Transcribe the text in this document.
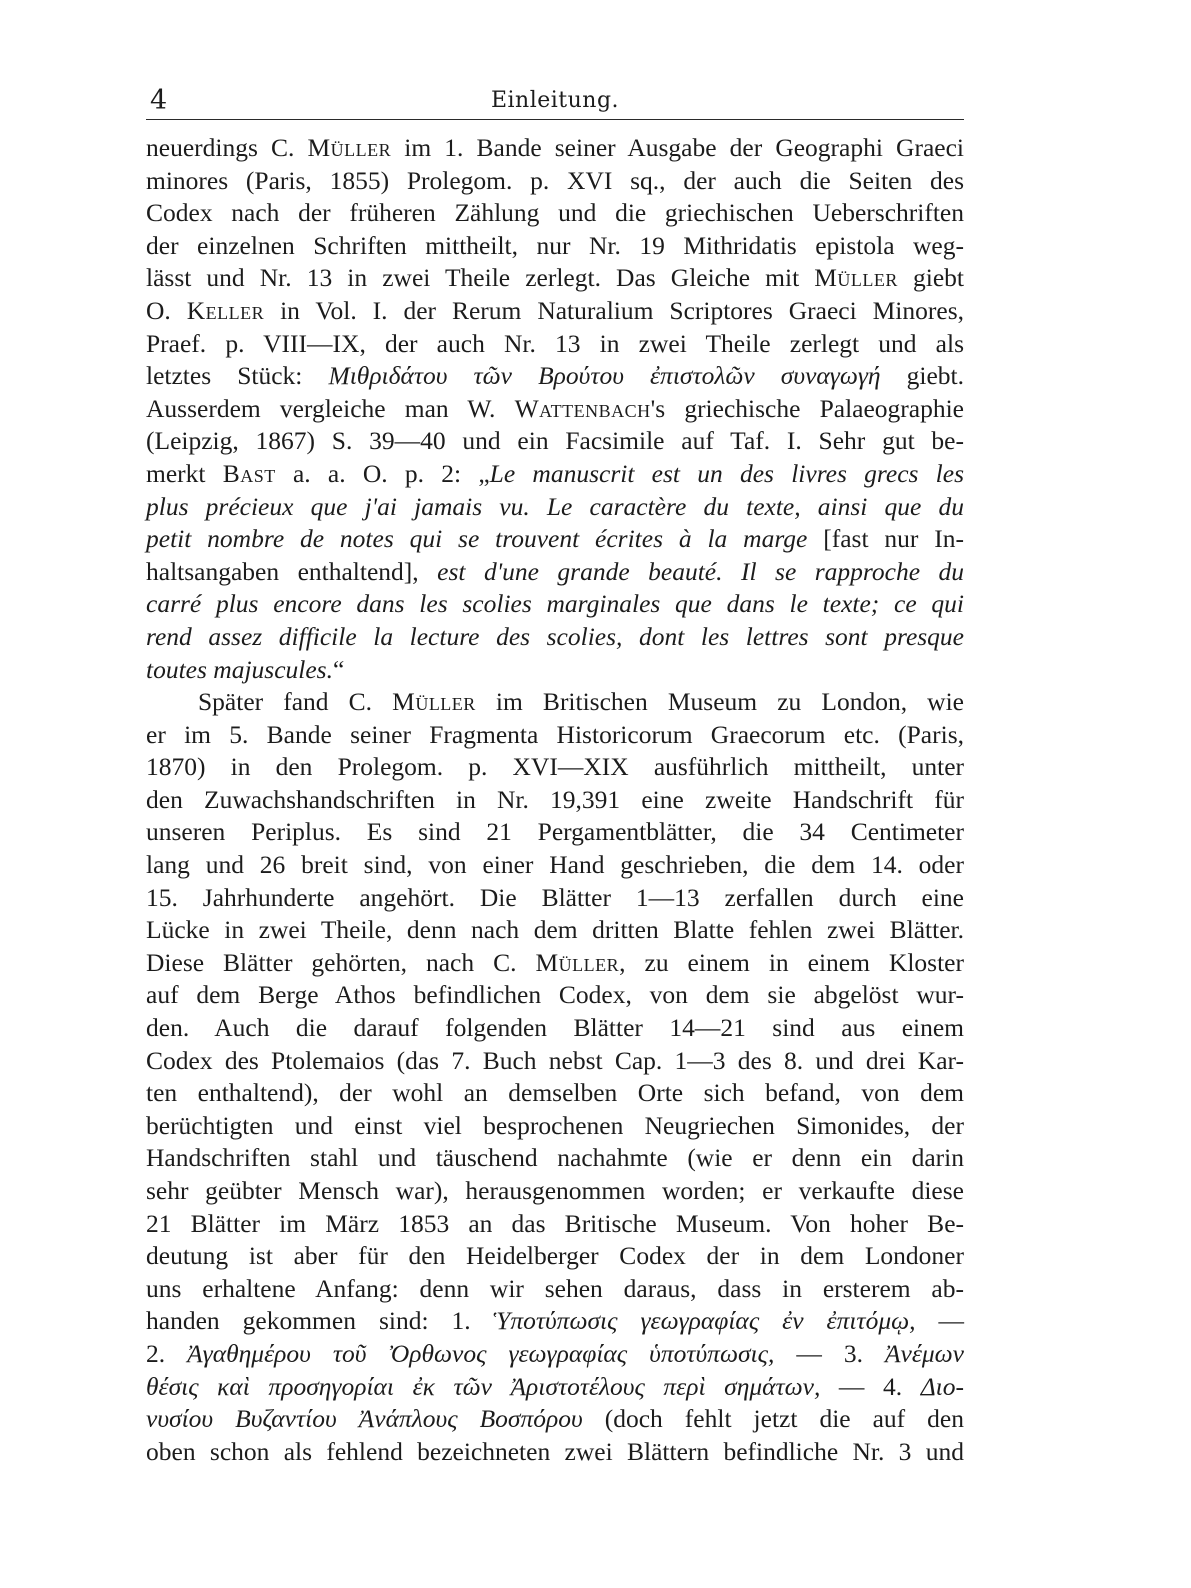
4	Einleitung.
neuerdings C. Müller im 1. Bande seiner Ausgabe der Geographi Graeci
minores (Paris, 1855) Prolegom. p. XVI sq., der auch die Seiten des
Codex nach der früheren Zählung und die griechischen Ueberschriften
der einzelnen Schriften mittheilt, nur Nr. 19 Mithridatis epistola weg-
lässt und Nr. 13 in zwei Theile zerlegt. Das Gleiche mit Müller giebt
O. Keller in Vol. I. der Rerum Naturalium Scriptores Graeci Minores,
Praef. p. VIII—IX, der auch Nr. 13 in zwei Theile zerlegt und als
letztes Stück: Μιθριδάτου τῶν Βρούτου ἐπιστολῶν συναγωγή giebt.
Ausserdem vergleiche man W. Wattenbach's griechische Palaeographie
(Leipzig, 1867) S. 39—40 und ein Facsimile auf Taf. I. Sehr gut be-
merkt Bast a. a. O. p. 2: „Le manuscrit est un des livres grecs les
plus précieux que j'ai jamais vu. Le caractère du texte, ainsi que du
petit nombre de notes qui se trouvent écrites à la marge [fast nur In-
haltsangaben enthaltend], est d'une grande beauté. Il se rapproche du
carré plus encore dans les scolies marginales que dans le texte; ce qui
rend assez difficile la lecture des scolies, dont les lettres sont presque
toutes majuscules.“
Später fand C. Müller im Britischen Museum zu London, wie
er im 5. Bande seiner Fragmenta Historicorum Graecorum etc. (Paris,
1870) in den Prolegom. p. XVI—XIX ausführlich mittheilt, unter
den Zuwachshandschriften in Nr. 19,391 eine zweite Handschrift für
unseren Periplus. Es sind 21 Pergamentblätter, die 34 Centimeter
lang und 26 breit sind, von einer Hand geschrieben, die dem 14. oder
15. Jahrhunderte angehört. Die Blätter 1—13 zerfallen durch eine
Lücke in zwei Theile, denn nach dem dritten Blatte fehlen zwei Blätter.
Diese Blätter gehörten, nach C. Müller, zu einem in einem Kloster
auf dem Berge Athos befindlichen Codex, von dem sie abgelöst wur-
den. Auch die darauf folgenden Blätter 14—21 sind aus einem
Codex des Ptolemaios (das 7. Buch nebst Cap. 1—3 des 8. und drei Kar-
ten enthaltend), der wohl an demselben Orte sich befand, von dem
berüchtigten und einst viel besprochenen Neugriechen Simonides, der
Handschriften stahl und täuschend nachahmte (wie er denn ein darin
sehr geübter Mensch war), herausgenommen worden; er verkaufte diese
21 Blätter im März 1853 an das Britische Museum. Von hoher Be-
deutung ist aber für den Heidelberger Codex der in dem Londoner
uns erhaltene Anfang: denn wir sehen daraus, dass in ersterem ab-
handen gekommen sind: 1. Ὑποτύπωσις γεωγραφίας ἐν ἐπιτόμῳ, —
2. Ἀγαθημέρου τοῦ Ὀρθωνος γεωγραφίας ὑποτύπωσις, — 3. Ἀνέμων
θέσις καὶ προσηγορίαι ἐκ τῶν Ἀριστοτέλους περὶ σημάτων, — 4. Διο-
νυσίου Βυζαντίου Ἀνάπλους Βοσπόρου (doch fehlt jetzt die auf den
oben schon als fehlend bezeichneten zwei Blättern befindliche Nr. 3 und
